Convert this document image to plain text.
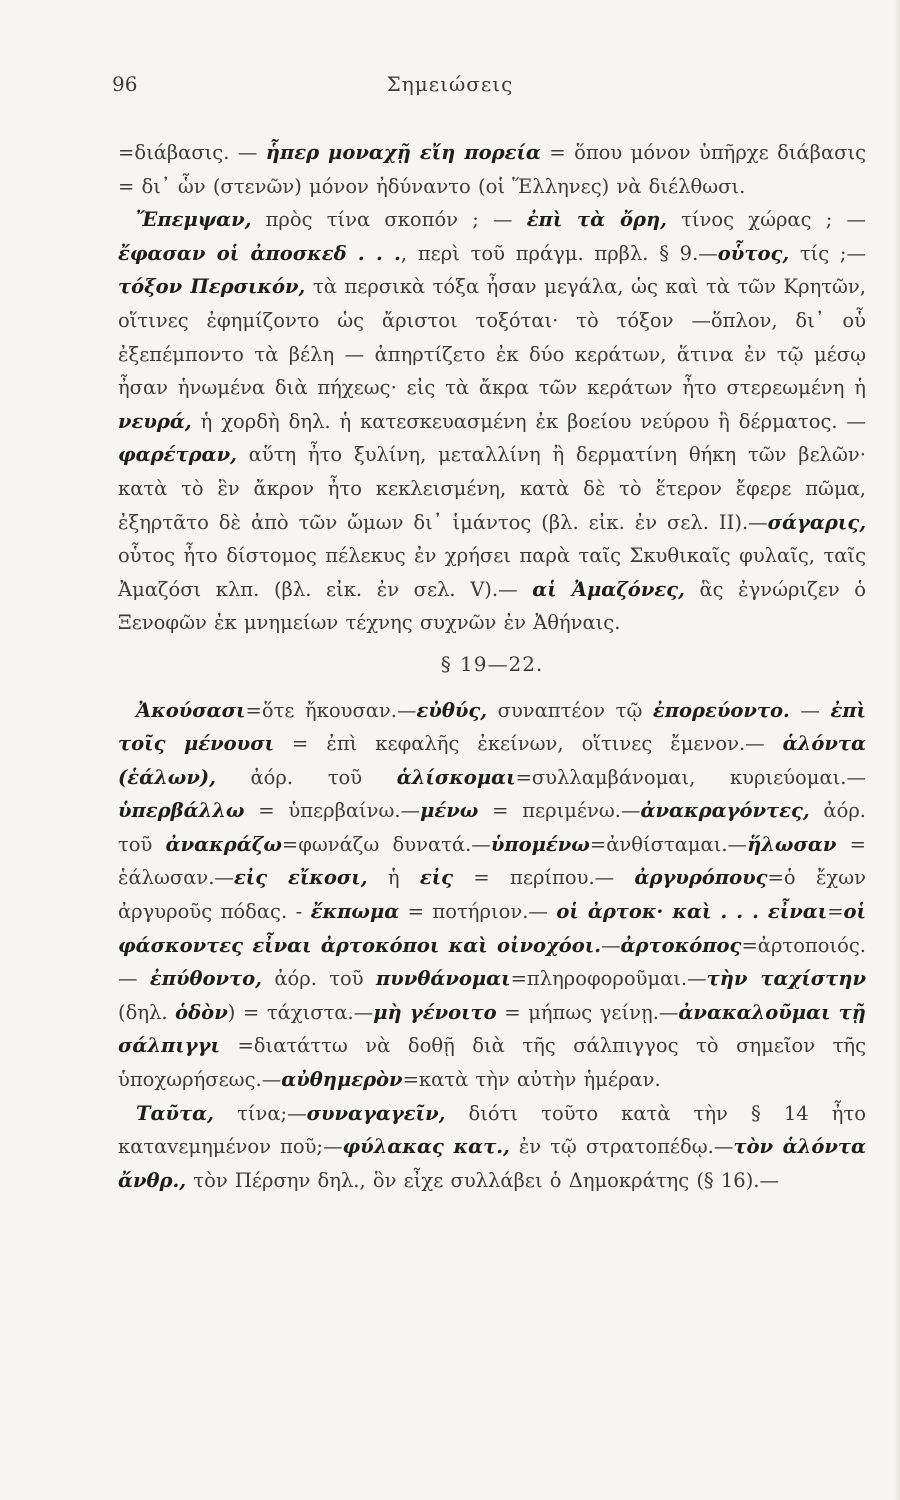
96	Σημειώσεις

=διάβασις. — ἧπερ μοναχῇ εἴη πορεία = ὅπου μόνον ὑπῆρχε διάβασις = δι᾽ ὧν (στενῶν) μόνον ἠδύναντο (οἱ Ἕλληνες) νὰ διέλθωσι.

Ἔπεμψαν, πρὸς τίνα σκοπόν ; — ἐπὶ τὰ ὄρη, τίνος χώρας ; —ἔφασαν οἱ ἀποσκεδ . . ., περὶ τοῦ πράγμ. πρβλ. § 9.—οὗτος, τίς ;—τόξον Περσικόν, τὰ περσικὰ τόξα ἦσαν μεγάλα, ὡς καὶ τὰ τῶν Κρητῶν, οἵτινες ἐφημίζοντο ὡς ἄριστοι τοξόται· τὸ τόξον —ὅπλον, δι᾽ οὗ ἐξεπέμποντο τὰ βέλη — ἀπηρτίζετο ἐκ δύο κεράτων, ἅτινα ἐν τῷ μέσῳ ἦσαν ἡνωμένα διὰ πήχεως· εἰς τὰ ἄκρα τῶν κεράτων ἦτο στερεωμένη ἡ νευρά, ἡ χορδὴ δηλ. ἡ κατεσκευασμένη ἐκ βοείου νεύρου ἢ δέρματος. — φαρέτραν, αὕτη ἦτο ξυλίνη, μεταλλίνη ἢ δερματίνη θήκη τῶν βελῶν· κατὰ τὸ ἓν ἄκρον ἦτο κεκλεισμένη, κατὰ δὲ τὸ ἕτερον ἔφερε πῶμα, ἐξηρτᾶτο δὲ ἀπὸ τῶν ὤμων δι᾽ ἱμάντος (βλ. εἰκ. ἐν σελ. II).—σάγαρις, οὗτος ἦτο δίστομος πέλεκυς ἐν χρήσει παρὰ ταῖς Σκυθικαῖς φυλαῖς, ταῖς Ἀμαζόσι κλπ. (βλ. εἰκ. ἐν σελ. V).— αἱ Ἀμαζόνες, ἃς ἐγνώριζεν ὁ Ξενοφῶν ἐκ μνημείων τέχνης συχνῶν ἐν Ἀθήναις.

§ 19—22.

Ἀκούσασι=ὅτε ἤκουσαν.—εὐθύς, συναπτέον τῷ ἐπορεύοντο. — ἐπὶ τοῖς μένουσι = ἐπὶ κεφαλῆς ἐκείνων, οἵτινες ἔμενον.— ἁλόντα (ἑάλων), ἀόρ. τοῦ ἁλίσκομαι=συλλαμβάνομαι, κυριεύομαι.—ὑπερβάλλω = ὑπερβαίνω.—μένω = περιμένω.—ἀνακραγόντες, ἀόρ. τοῦ ἀνακράζω=φωνάζω δυνατά.—ὑπομένω=ἀνθίσταμαι.—ἥλωσαν = ἑάλωσαν.—εἰς εἴκοσι, ἡ εἰς = περίπου.— ἀργυρόπους=ὁ ἔχων ἀργυροῦς πόδας. - ἔκπωμα = ποτήριον.— οἱ ἀρτοκ· καὶ . . . εἶναι=οἱ φάσκοντες εἶναι ἀρτοκόποι καὶ οἰνοχόοι.—ἀρτοκόπος=ἀρτοποιός.— ἐπύθοντο, ἀόρ. τοῦ πυνθάνομαι=πληροφοροῦμαι.—τὴν ταχίστην (δηλ. ὁδὸν) = τάχιστα.—μὴ γένοιτο = μήπως γείνῃ.—ἀνακαλοῦμαι τῇ σάλπιγγι =διατάττω νὰ δοθῇ διὰ τῆς σάλπιγγος τὸ σημεῖον τῆς ὑποχωρήσεως.—αὐθημερὸν=κατὰ τὴν αὐτὴν ἡμέραν.

Ταῦτα, τίνα;—συναγαγεῖν, διότι τοῦτο κατὰ τὴν § 14 ἦτο καταvεμημένον ποῦ;—φύλακας κατ., ἐν τῷ στρατοπέδῳ.—τὸν ἁλόντα ἄνθρ., τὸν Πέρσην δηλ., ὃν εἶχε συλλάβει ὁ Δημοκράτης (§ 16).—
